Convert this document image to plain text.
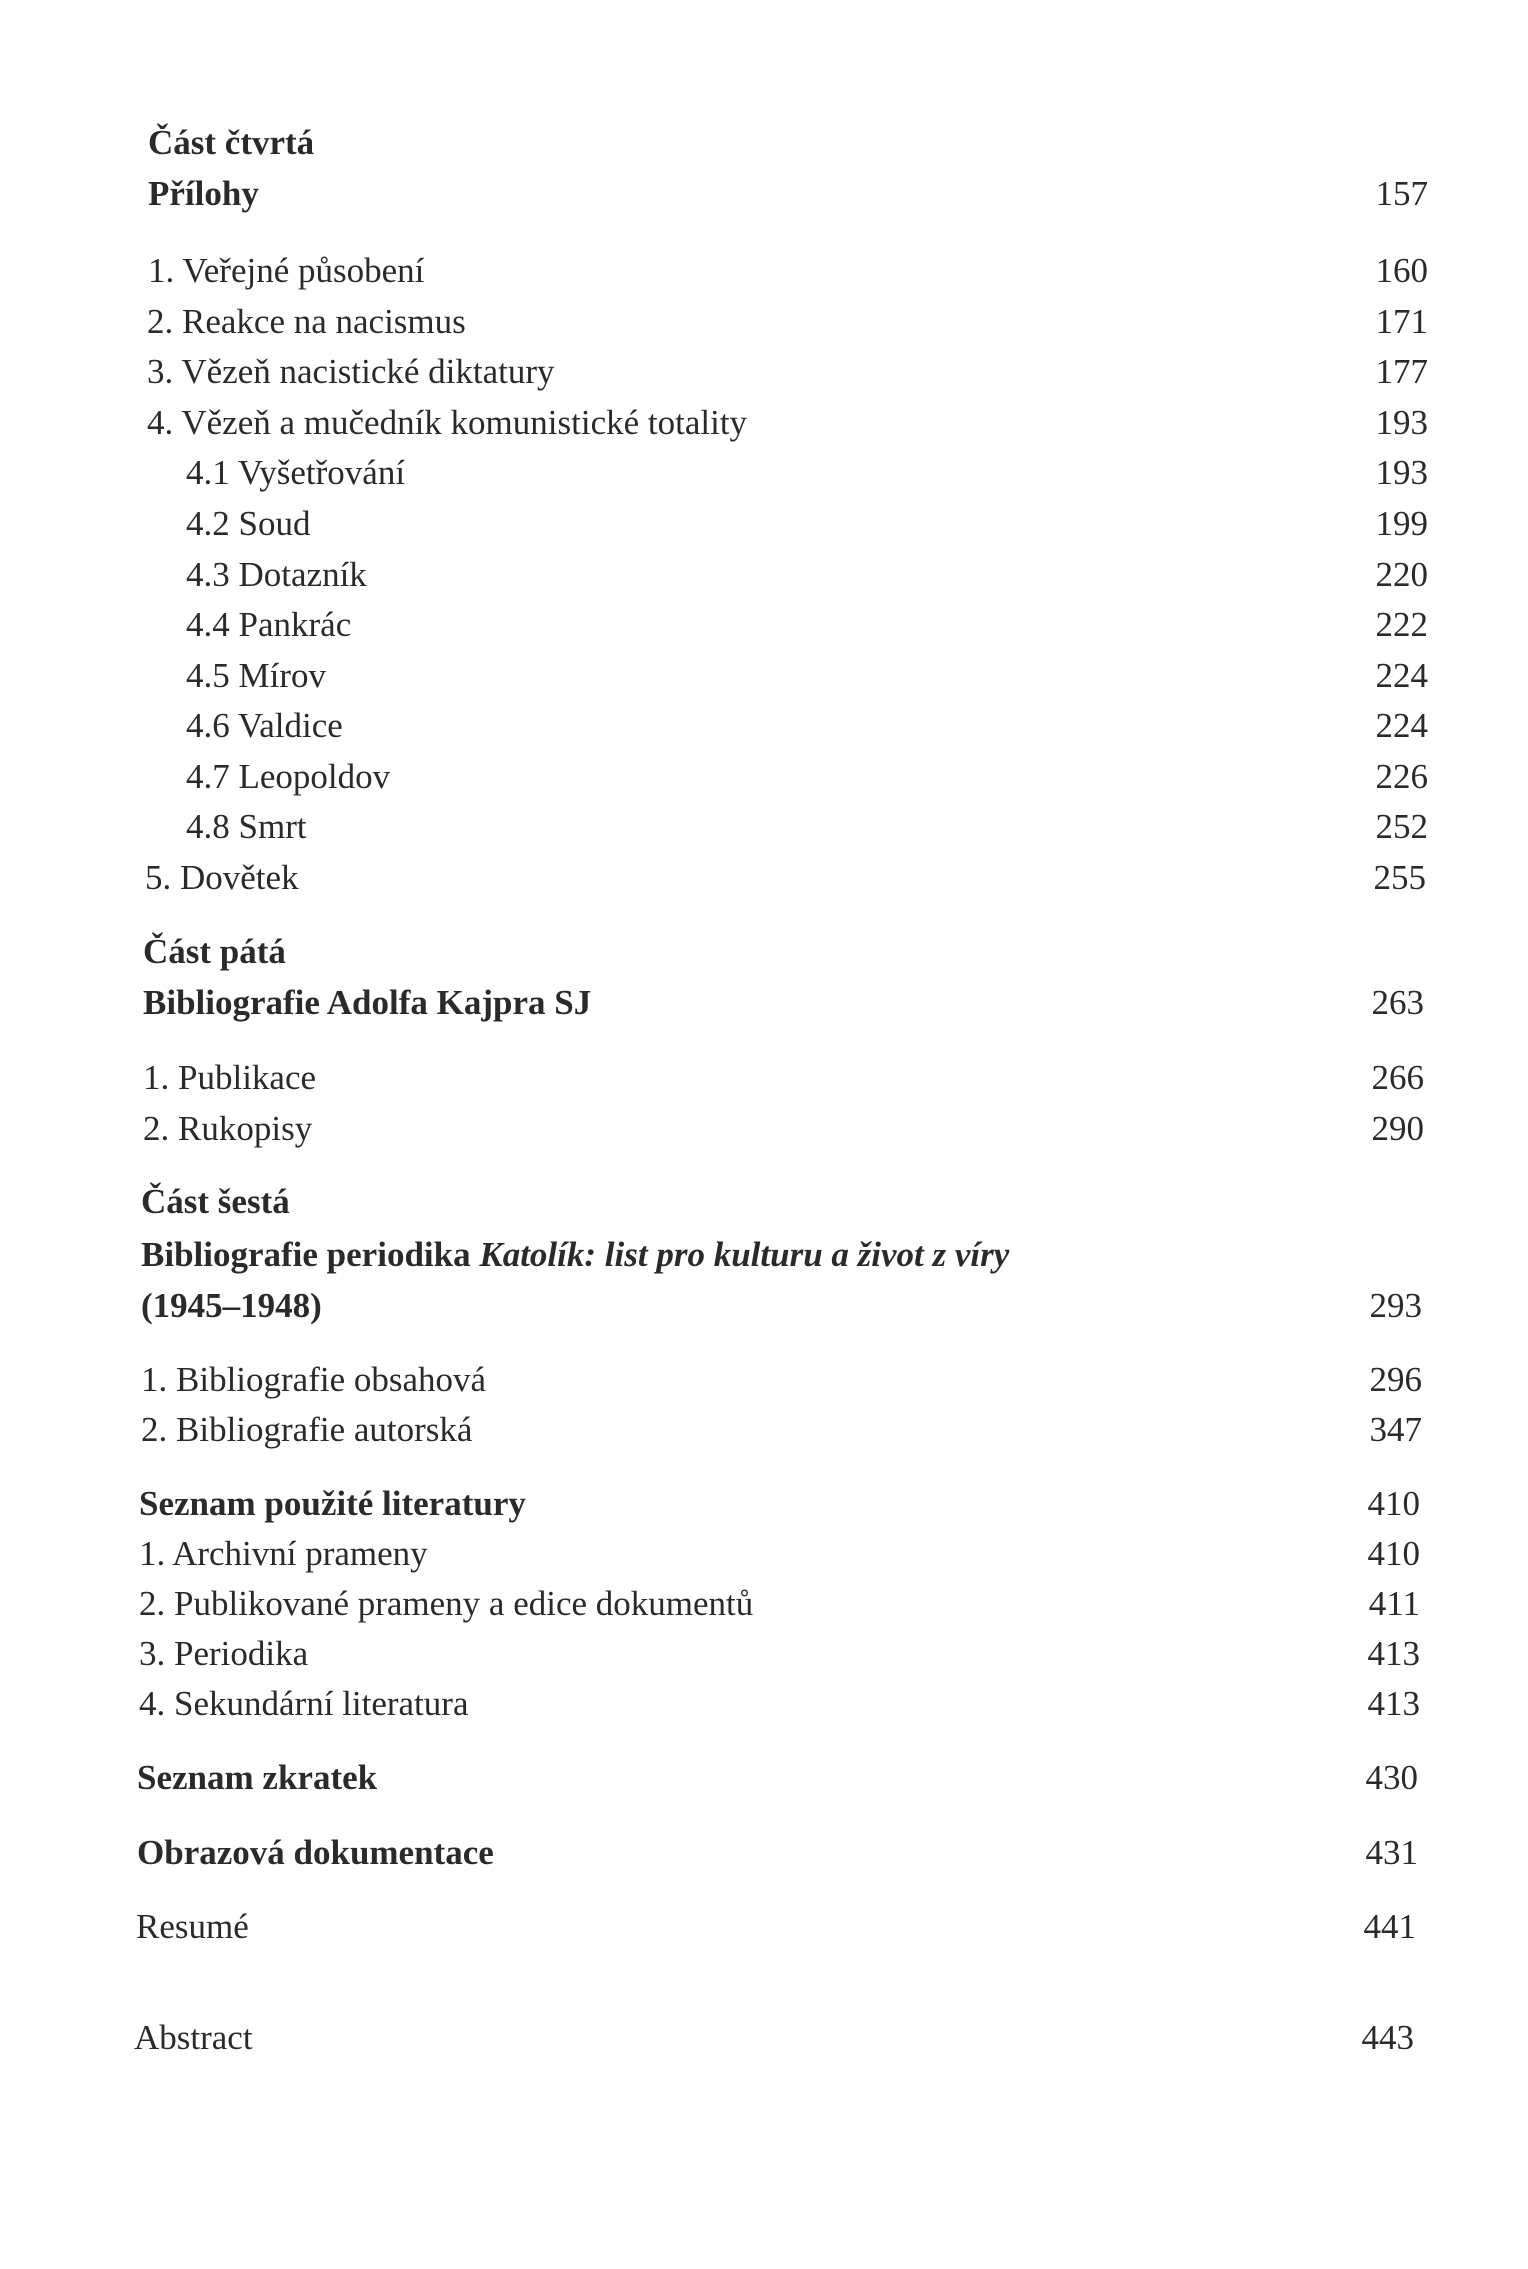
Část čtvrtá
Přílohy	157
1. Veřejné působení	160
2. Reakce na nacismus	171
3. Vězeň nacistické diktatury	177
4. Vězeň a mučedník komunistické totality	193
4.1 Vyšetřování	193
4.2 Soud	199
4.3 Dotazník	220
4.4 Pankrác	222
4.5 Mírov	224
4.6 Valdice	224
4.7 Leopoldov	226
4.8 Smrt	252
5. Dovětek	255
Část pátá
Bibliografie Adolfa Kajpra SJ	263
1. Publikace	266
2. Rukopisy	290
Část šestá
Bibliografie periodika Katolík: list pro kulturu a život z víry
(1945–1948)	293
1. Bibliografie obsahová	296
2. Bibliografie autorská	347
Seznam použité literatury	410
1. Archivní prameny	410
2. Publikované prameny a edice dokumentů	411
3. Periodika	413
4. Sekundární literatura	413
Seznam zkratek	430
Obrazová dokumentace	431
Resumé	441
Abstract	443
